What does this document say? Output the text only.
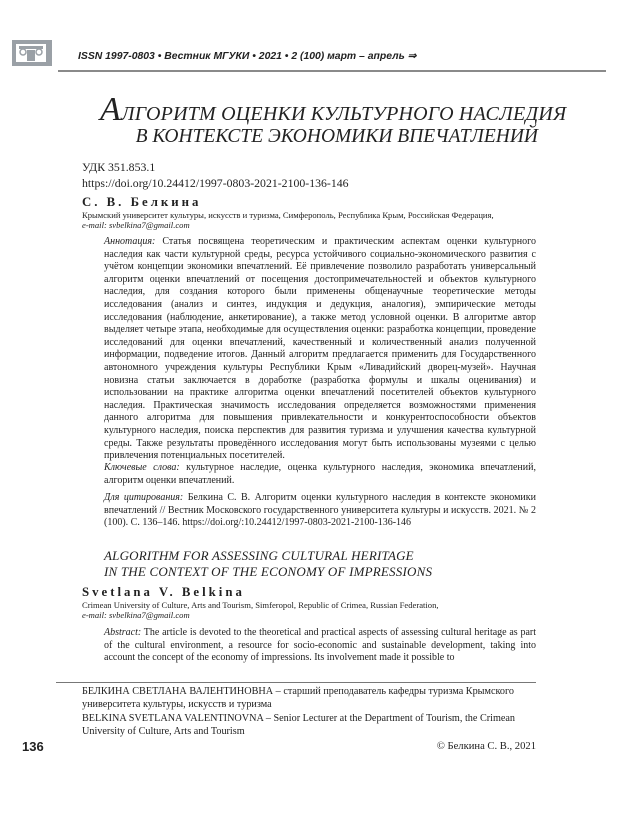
ISSN 1997-0803 • Вестник МГУКИ • 2021 • 2 (100) март – апрель ⇒
АЛГОРИТМ ОЦЕНКИ КУЛЬТУРНОГО НАСЛЕДИЯ
В КОНТЕКСТЕ ЭКОНОМИКИ ВПЕЧАТЛЕНИЙ
УДК 351.853.1
https://doi.org/10.24412/1997-0803-2021-2100-136-146
С. В. Белкина
Крымский университет культуры, искусств и туризма, Симферополь, Республика Крым, Российская Федерация,
e-mail: svbelkina7@gmail.com

Аннотация: Статья посвящена теоретическим и практическим аспектам оценки культурного наследия как части культурной среды, ресурса устойчивого социально-экономического развития с учётом концепции экономики впечатлений. Её привлечение позволило разработать универсальный алгоритм оценки впечатлений от посещения достопримечательностей и объектов культурного наследия, для создания которого были применены общенаучные теоретические методы исследования (анализ и синтез, индукция и дедукция, аналогия), эмпирические методы исследования (наблюдение, анкетирование), а также метод условной оценки. В алгоритме автор выделяет четыре этапа, необходимые для осуществления оценки: разработка концепции, проведение исследований для оценки впечатлений, качественный и количественный анализ полученной информации, подведение итогов. Данный алгоритм предлагается применить для Государственного автономного учреждения культуры Республики Крым «Ливадийский дворец-музей». Научная новизна статьи заключается в доработке (разработка формулы и шкалы оценивания) и использовании на практике алгоритма оценки впечатлений посетителей объектов культурного наследия. Практическая значимость исследования определяется возможностями применения данного алгоритма для повышения привлекательности и конкурентоспособности объектов культурного наследия, поиска перспектив для развития туризма и улучшения качества культурной среды. Также результаты проведённого исследования могут быть использованы музеями с целью привлечения потенциальных посетителей.

Ключевые слова: культурное наследие, оценка культурного наследия, экономика впечатлений, алгоритм оценки впечатлений.

Для цитирования: Белкина С. В. Алгоритм оценки культурного наследия в контексте экономики впечатлений // Вестник Московского государственного университета культуры и искусств. 2021. № 2 (100). С. 136–146. https://doi.org/:10.24412/1997-0803-2021-2100-136-146

ALGORITHM FOR ASSESSING CULTURAL HERITAGE
IN THE CONTEXT OF THE ECONOMY OF IMPRESSIONS
Svetlana V. Belkina
Crimean University of Culture, Arts and Tourism, Simferopol, Republic of Crimea, Russian Federation,
e-mail: svbelkina7@gmail.com

Abstract: The article is devoted to the theoretical and practical aspects of assessing cultural heritage as part of the cultural environment, a resource for socio-economic and sustainable development, taking into account the concept of the economy of impressions. Its involvement made it possible to

БЕЛКИНА СВЕТЛАНА ВАЛЕНТИНОВНА – старший преподаватель кафедры туризма Крымского университета культуры, искусств и туризма

BELKINA SVETLANA VALENTINOVNA – Senior Lecturer at the Department of Tourism, the Crimean University of Culture, Arts and Tourism

136	© Белкина С. В., 2021
